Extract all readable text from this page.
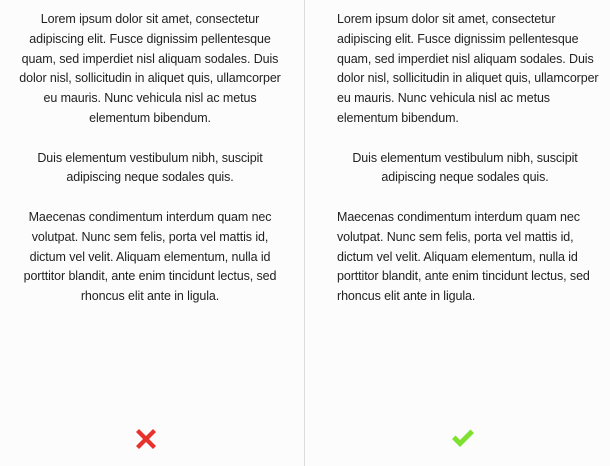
Lorem ipsum dolor sit amet, consectetur adipiscing elit. Fusce dignissim pellentesque quam, sed imperdiet nisl aliquam sodales. Duis dolor nisl, sollicitudin in aliquet quis, ullamcorper eu mauris. Nunc vehicula nisl ac metus elementum bibendum.

Duis elementum vestibulum nibh, suscipit adipiscing neque sodales quis.

Maecenas condimentum interdum quam nec volutpat. Nunc sem felis, porta vel mattis id, dictum vel velit. Aliquam elementum, nulla id porttitor blandit, ante enim tincidunt lectus, sed rhoncus elit ante in ligula.

Lorem ipsum dolor sit amet, consectetur adipiscing elit. Fusce dignissim pellentesque quam, sed imperdiet nisl aliquam sodales. Duis dolor nisl, sollicitudin in aliquet quis, ullamcorper eu mauris. Nunc vehicula nisl ac metus elementum bibendum.

Duis elementum vestibulum nibh, suscipit adipiscing neque sodales quis.

Maecenas condimentum interdum quam nec volutpat. Nunc sem felis, porta vel mattis id, dictum vel velit. Aliquam elementum, nulla id porttitor blandit, ante enim tincidunt lectus, sed rhoncus elit ante in ligula.
